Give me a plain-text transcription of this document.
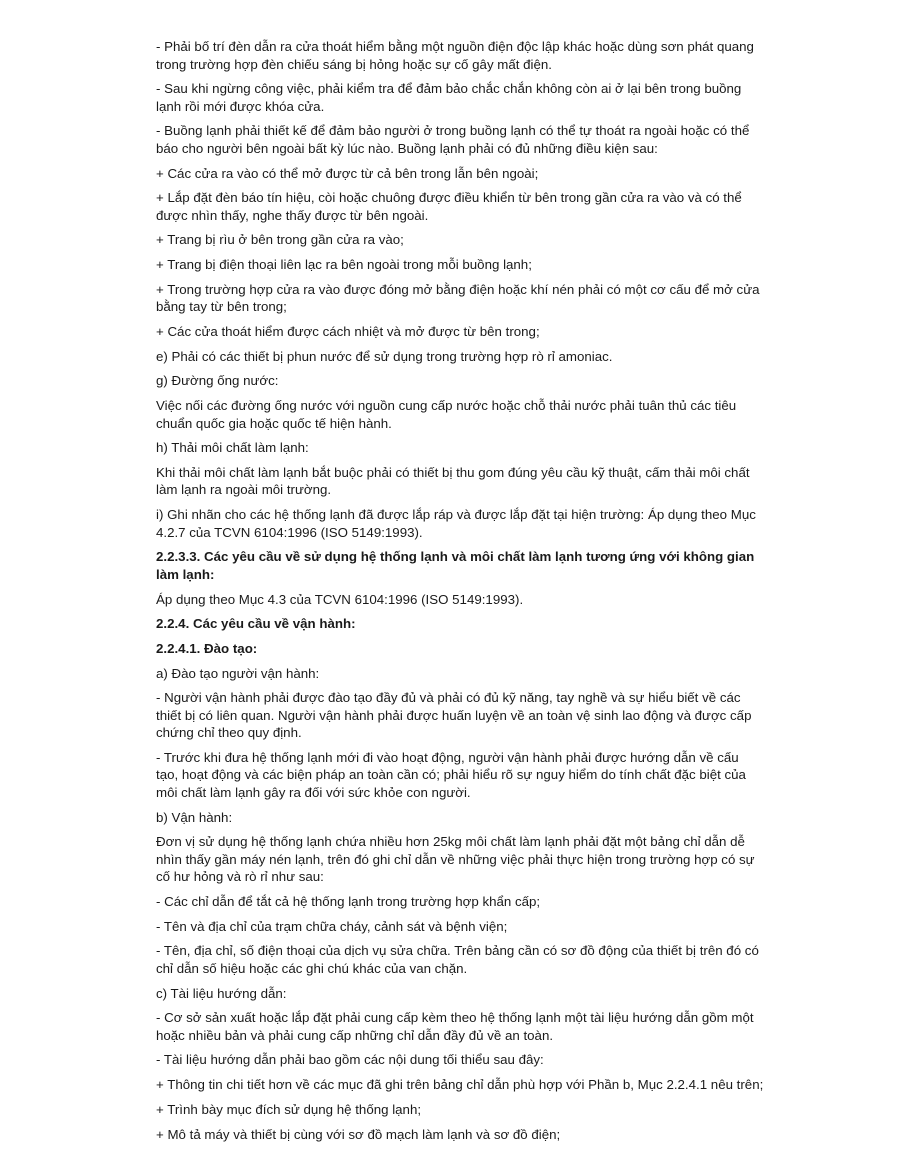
- Phải bố trí đèn dẫn ra cửa thoát hiểm bằng một nguồn điện độc lập khác hoặc dùng sơn phát quang trong trường hợp đèn chiếu sáng bị hỏng hoặc sự cố gây mất điện.

- Sau khi ngừng công việc, phải kiểm tra để đảm bảo chắc chắn không còn ai ở lại bên trong buồng lạnh rồi mới được khóa cửa.

- Buồng lạnh phải thiết kế để đảm bảo người ở trong buồng lạnh có thể tự thoát ra ngoài hoặc có thể báo cho người bên ngoài bất kỳ lúc nào. Buồng lạnh phải có đủ những điều kiện sau:

+ Các cửa ra vào có thể mở được từ cả bên trong lẫn bên ngoài;

+ Lắp đặt đèn báo tín hiệu, còi hoặc chuông được điều khiển từ bên trong gần cửa ra vào và có thể được nhìn thấy, nghe thấy được từ bên ngoài.

+ Trang bị rìu ở bên trong gần cửa ra vào;

+ Trang bị điện thoại liên lạc ra bên ngoài trong mỗi buồng lạnh;

+ Trong trường hợp cửa ra vào được đóng mở bằng điện hoặc khí nén phải có một cơ cấu để mở cửa bằng tay từ bên trong;

+ Các cửa thoát hiểm được cách nhiệt và mở được từ bên trong;

e) Phải có các thiết bị phun nước để sử dụng trong trường hợp rò rỉ amoniac.

g) Đường ống nước:

Việc nối các đường ống nước với nguồn cung cấp nước hoặc chỗ thải nước phải tuân thủ các tiêu chuẩn quốc gia hoặc quốc tế hiện hành.

h) Thải môi chất làm lạnh:

Khi thải môi chất làm lạnh bắt buộc phải có thiết bị thu gom đúng yêu cầu kỹ thuật, cấm thải môi chất làm lạnh ra ngoài môi trường.

i) Ghi nhãn cho các hệ thống lạnh đã được lắp ráp và được lắp đặt tại hiện trường: Áp dụng theo Mục 4.2.7 của TCVN 6104:1996 (ISO 5149:1993).

2.2.3.3. Các yêu cầu về sử dụng hệ thống lạnh và môi chất làm lạnh tương ứng với không gian làm lạnh:

Áp dụng theo Mục 4.3 của TCVN 6104:1996 (ISO 5149:1993).

2.2.4. Các yêu cầu về vận hành:

2.2.4.1. Đào tạo:

a) Đào tạo người vận hành:

- Người vận hành phải được đào tạo đầy đủ và phải có đủ kỹ năng, tay nghề và sự hiểu biết về các thiết bị có liên quan. Người vận hành phải được huấn luyện về an toàn vệ sinh lao động và được cấp chứng chỉ theo quy định.

- Trước khi đưa hệ thống lạnh mới đi vào hoạt động, người vận hành phải được hướng dẫn về cấu tạo, hoạt động và các biện pháp an toàn cần có; phải hiểu rõ sự nguy hiểm do tính chất đặc biệt của môi chất làm lạnh gây ra đối với sức khỏe con người.

b) Vận hành:

Đơn vị sử dụng hệ thống lạnh chứa nhiều hơn 25kg môi chất làm lạnh phải đặt một bảng chỉ dẫn dễ nhìn thấy gần máy nén lạnh, trên đó ghi chỉ dẫn về những việc phải thực hiện trong trường hợp có sự cố hư hỏng và rò rỉ như sau:

- Các chỉ dẫn để tắt cả hệ thống lạnh trong trường hợp khẩn cấp;

- Tên và địa chỉ của trạm chữa cháy, cảnh sát và bệnh viện;

- Tên, địa chỉ, số điện thoại của dịch vụ sửa chữa. Trên bảng cần có sơ đồ động của thiết bị trên đó có chỉ dẫn số hiệu hoặc các ghi chú khác của van chặn.

c) Tài liệu hướng dẫn:

- Cơ sở sản xuất hoặc lắp đặt phải cung cấp kèm theo hệ thống lạnh một tài liệu hướng dẫn gồm một hoặc nhiều bản và phải cung cấp những chỉ dẫn đầy đủ về an toàn.

- Tài liệu hướng dẫn phải bao gồm các nội dung tối thiểu sau đây:

+ Thông tin chi tiết hơn về các mục đã ghi trên bảng chỉ dẫn phù hợp với Phần b, Mục 2.2.4.1 nêu trên;

+ Trình bày mục đích sử dụng hệ thống lạnh;

+ Mô tả máy và thiết bị cùng với sơ đồ mạch làm lạnh và sơ đồ điện;
